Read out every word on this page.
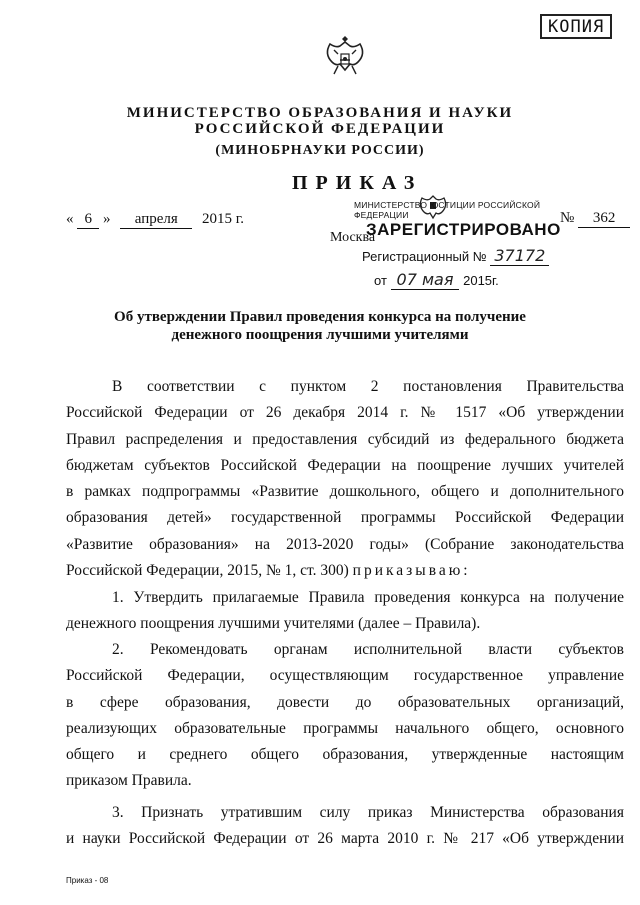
КОПИЯ
МИНИСТЕРСТВО ОБРАЗОВАНИЯ И НАУКИ
РОССИЙСКОЙ ФЕДЕРАЦИИ
(МИНОБРНАУКИ РОССИИ)
ПРИКАЗ
« 6 » апреля 2015 г.
Москва
№ 362
МИНИСТЕРСТВО ЮСТИЦИИ РОССИЙСКОЙ ФЕДЕРАЦИИ
ЗАРЕГИСТРИРОВАНО
Регистрационный № 37172
от 07 мая 2015г.
Об утверждении Правил проведения конкурса на получение
денежного поощрения лучшими учителями
В соответствии с пунктом 2 постановления Правительства
Российской Федерации от 26 декабря 2014 г. № 1517 «Об утверждении
Правил распределения и предоставления субсидий из федерального бюджета
бюджетам субъектов Российской Федерации на поощрение лучших учителей
в рамках подпрограммы «Развитие дошкольного, общего и дополнительного
образования детей» государственной программы Российской Федерации
«Развитие образования» на 2013-2020 годы» (Собрание законодательства
Российской Федерации, 2015, № 1, ст. 300) приказываю:
1. Утвердить прилагаемые Правила проведения конкурса на получение
денежного поощрения лучшими учителями (далее – Правила).
2. Рекомендовать органам исполнительной власти субъектов
Российской Федерации, осуществляющим государственное управление
в сфере образования, довести до образовательных организаций,
реализующих образовательные программы начального общего, основного
общего и среднего общего образования, утвержденные настоящим
приказом Правила.
3. Признать утратившим силу приказ Министерства образования
и науки Российской Федерации от 26 марта 2010 г. № 217 «Об утверждении
Приказ - 08
